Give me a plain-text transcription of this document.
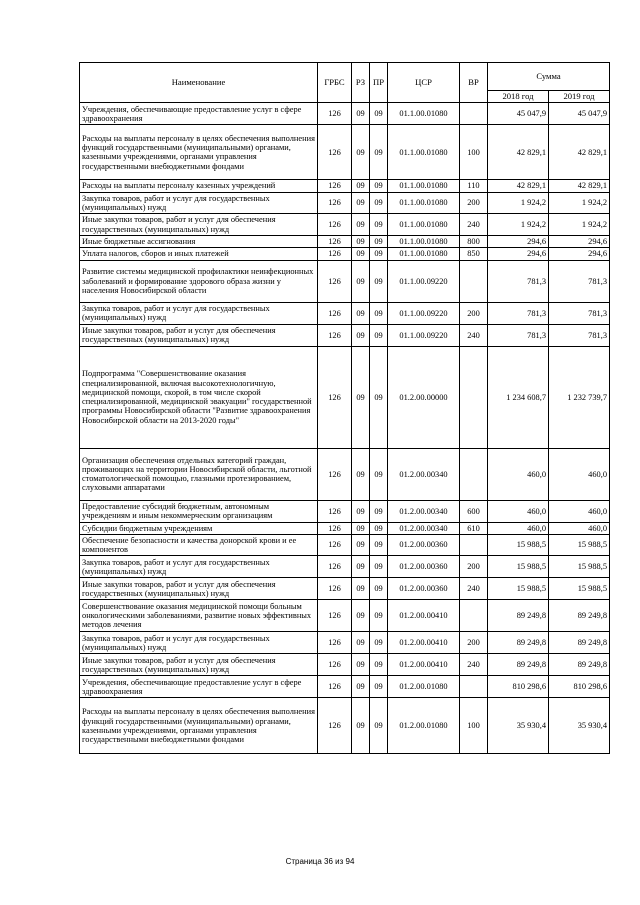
Наименование	ГРБС	РЗ	ПР	ЦСР	ВР	Сумма	
						2018 год	2019 год
Учреждения, обеспечивающие предоставление услуг в сфере здравоохранения	126	09	09	01.1.00.01080		45 047,9	45 047,9
Расходы на выплаты персоналу в целях обеспечения выполнения функций государственными (муниципальными) органами, казенными учреждениями, органами управления государственными внебюджетными фондами	126	09	09	01.1.00.01080	100	42 829,1	42 829,1
Расходы на выплаты персоналу казенных учреждений	126	09	09	01.1.00.01080	110	42 829,1	42 829,1
Закупка товаров, работ и услуг для государственных (муниципальных) нужд	126	09	09	01.1.00.01080	200	1 924,2	1 924,2
Иные закупки товаров, работ и услуг для обеспечения государственных (муниципальных) нужд	126	09	09	01.1.00.01080	240	1 924,2	1 924,2
Иные бюджетные ассигнования	126	09	09	01.1.00.01080	800	294,6	294,6
Уплата налогов, сборов и иных платежей	126	09	09	01.1.00.01080	850	294,6	294,6
Развитие системы медицинской профилактики неинфекционных заболеваний и формирование здорового образа жизни у населения Новосибирской области	126	09	09	01.1.00.09220		781,3	781,3
Закупка товаров, работ и услуг для государственных (муниципальных) нужд	126	09	09	01.1.00.09220	200	781,3	781,3
Иные закупки товаров, работ и услуг для обеспечения государственных (муниципальных) нужд	126	09	09	01.1.00.09220	240	781,3	781,3
Подпрограмма "Совершенствование оказания специализированной, включая высокотехнологичную, медицинской помощи, скорой, в том числе скорой специализированной, медицинской эвакуации" государственной программы Новосибирской области "Развитие здравоохранения Новосибирской области на 2013-2020 годы"	126	09	09	01.2.00.00000		1 234 608,7	1 232 739,7
Организация обеспечения отдельных категорий граждан, проживающих на территории Новосибирской области, льготной стоматологической помощью, глазными протезированием, слуховыми аппаратами	126	09	09	01.2.00.00340		460,0	460,0
Предоставление субсидий бюджетным, автономным учреждениям и иным некоммерческим организациям	126	09	09	01.2.00.00340	600	460,0	460,0
Субсидии бюджетным учреждениям	126	09	09	01.2.00.00340	610	460,0	460,0
Обеспечение безопасности и качества донорской крови и ее компонентов	126	09	09	01.2.00.00360		15 988,5	15 988,5
Закупка товаров, работ и услуг для государственных (муниципальных) нужд	126	09	09	01.2.00.00360	200	15 988,5	15 988,5
Иные закупки товаров, работ и услуг для обеспечения государственных (муниципальных) нужд	126	09	09	01.2.00.00360	240	15 988,5	15 988,5
Совершенствование оказания медицинской помощи больным онкологическими заболеваниями, развитие новых эффективных методов лечения	126	09	09	01.2.00.00410		89 249,8	89 249,8
Закупка товаров, работ и услуг для государственных (муниципальных) нужд	126	09	09	01.2.00.00410	200	89 249,8	89 249,8
Иные закупки товаров, работ и услуг для обеспечения государственных (муниципальных) нужд	126	09	09	01.2.00.00410	240	89 249,8	89 249,8
Учреждения, обеспечивающие предоставление услуг в сфере здравоохранения	126	09	09	01.2.00.01080		810 298,6	810 298,6
Расходы на выплаты персоналу в целях обеспечения выполнения функций государственными (муниципальными) органами, казенными учреждениями, органами управления государственными внебюджетными фондами	126	09	09	01.2.00.01080	100	35 930,4	35 930,4
Страница 36 из 94
